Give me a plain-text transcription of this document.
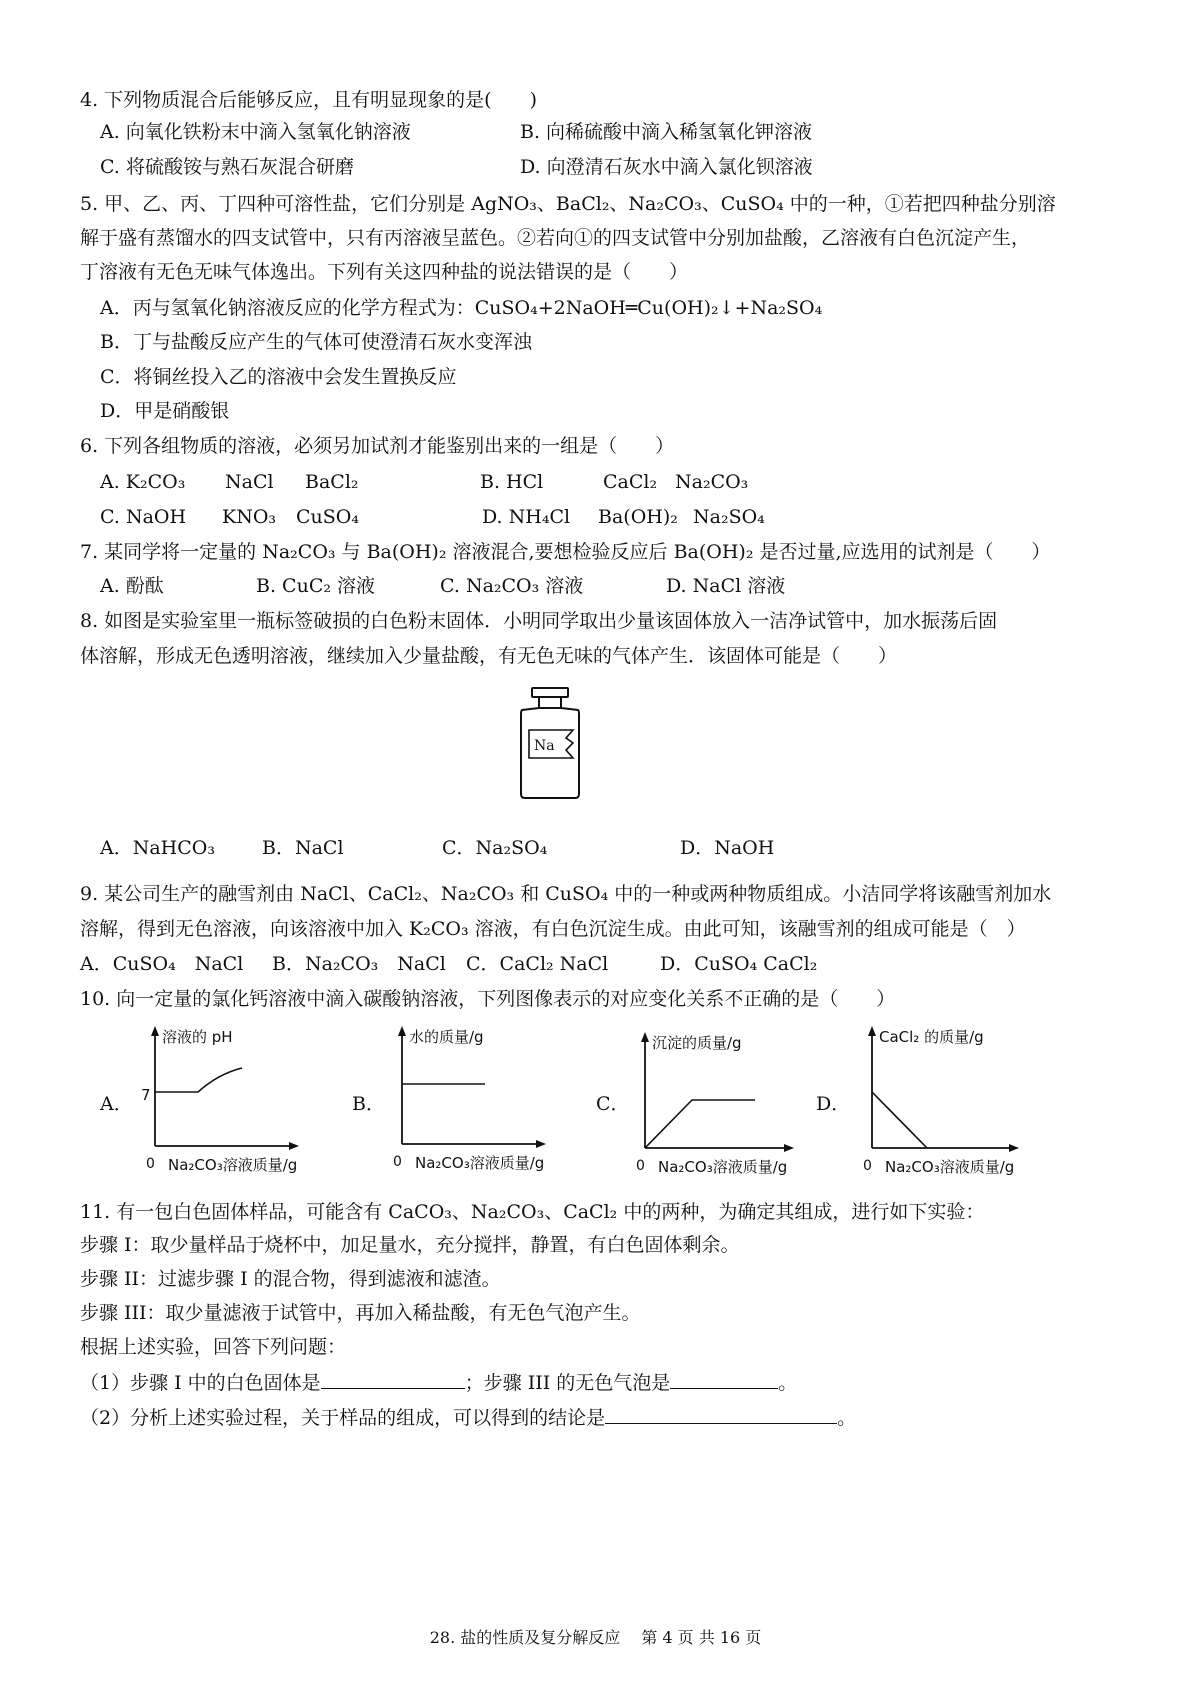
4. 下列物质混合后能够反应，且有明显现象的是(　　)
A. 向氧化铁粉末中滴入氢氧化钠溶液	B. 向稀硫酸中滴入稀氢氧化钾溶液
C. 将硫酸铵与熟石灰混合研磨	D. 向澄清石灰水中滴入氯化钡溶液
5. 甲、乙、丙、丁四种可溶性盐，它们分别是 AgNO₃、BaCl₂、Na₂CO₃、CuSO₄ 中的一种，①若把四种盐分别溶
解于盛有蒸馏水的四支试管中，只有丙溶液呈蓝色。②若向①的四支试管中分别加盐酸，乙溶液有白色沉淀产生，
丁溶液有无色无味气体逸出。下列有关这四种盐的说法错误的是（　　）
A．丙与氢氧化钠溶液反应的化学方程式为：CuSO₄+2NaOH═Cu(OH)₂↓+Na₂SO₄
B．丁与盐酸反应产生的气体可使澄清石灰水变浑浊
C．将铜丝投入乙的溶液中会发生置换反应
D．甲是硝酸银
6. 下列各组物质的溶液，必须另加试剂才能鉴别出来的一组是（　　）
A. K₂CO₃ NaCl BaCl₂	B. HCl	CaCl₂ Na₂CO₃
C. NaOH KNO₃ CuSO₄	D. NH₄Cl Ba(OH)₂ Na₂SO₄
7. 某同学将一定量的 Na₂CO₃ 与 Ba(OH)₂ 溶液混合,要想检验反应后 Ba(OH)₂ 是否过量,应选用的试剂是（　　）
A. 酚酞	B. CuC₂ 溶液	C. Na₂CO₃ 溶液	D. NaCl 溶液
8. 如图是实验室里一瓶标签破损的白色粉末固体．小明同学取出少量该固体放入一洁净试管中，加水振荡后固
体溶解，形成无色透明溶液，继续加入少量盐酸，有无色无味的气体产生．该固体可能是（　　）
Na
A．NaHCO₃ B．NaCl	C．Na₂SO₄	D．NaOH
9. 某公司生产的融雪剂由 NaCl、CaCl₂、Na₂CO₃ 和 CuSO₄ 中的一种或两种物质组成。小洁同学将该融雪剂加水
溶解，得到无色溶液，向该溶液中加入 K₂CO₃ 溶液，有白色沉淀生成。由此可知，该融雪剂的组成可能是（　）
A．CuSO₄　NaCl B．Na₂CO₃　NaCl C．CaCl₂ NaCl	D．CuSO₄ CaCl₂
10. 向一定量的氯化钙溶液中滴入碳酸钠溶液，下列图像表示的对应变化关系不正确的是（　　）
A．	B．	C．	D．
溶液的 pH
7
0 Na₂CO₃溶液质量/g
水的质量/g
0 Na₂CO₃溶液质量/g
沉淀的质量/g
0 Na₂CO₃溶液质量/g
CaCl₂ 的质量/g
0 Na₂CO₃溶液质量/g
11. 有一包白色固体样品，可能含有 CaCO₃、Na₂CO₃、CaCl₂ 中的两种，为确定其组成，进行如下实验：
步骤 I：取少量样品于烧杯中，加足量水，充分搅拌，静置，有白色固体剩余。
步骤 II：过滤步骤 I 的混合物，得到滤液和滤渣。
步骤 III：取少量滤液于试管中，再加入稀盐酸，有无色气泡产生。
根据上述实验，回答下列问题：
（1）步骤 I 中的白色固体是	；步骤 III 的无色气泡是	。
（2）分析上述实验过程，关于样品的组成，可以得到的结论是	。
28. 盐的性质及复分解反应　 第 4 页 共 16 页
